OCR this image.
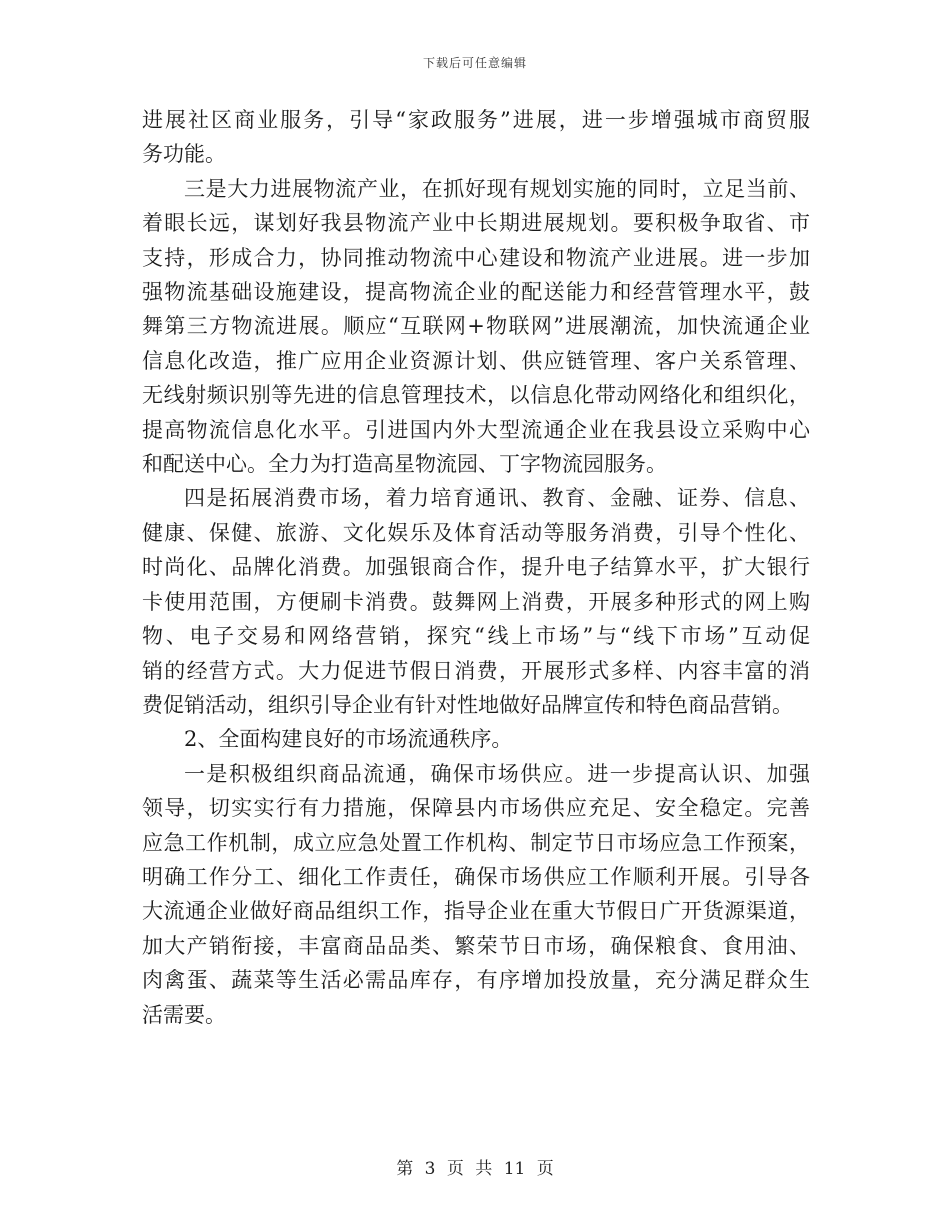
下载后可任意编辑

进展社区商业服务，引导“家政服务”进展，进一步增强城市商贸服
务功能。

三是大力进展物流产业，在抓好现有规划实施的同时，立足当前、
着眼长远，谋划好我县物流产业中长期进展规划。要积极争取省、市
支持，形成合力，协同推动物流中心建设和物流产业进展。进一步加
强物流基础设施建设，提高物流企业的配送能力和经营管理水平，鼓
舞第三方物流进展。顺应“互联网+物联网”进展潮流，加快流通企业
信息化改造，推广应用企业资源计划、供应链管理、客户关系管理、
无线射频识别等先进的信息管理技术，以信息化带动网络化和组织化，
提高物流信息化水平。引进国内外大型流通企业在我县设立采购中心
和配送中心。全力为打造高星物流园、丁字物流园服务。

四是拓展消费市场，着力培育通讯、教育、金融、证券、信息、
健康、保健、旅游、文化娱乐及体育活动等服务消费，引导个性化、
时尚化、品牌化消费。加强银商合作，提升电子结算水平，扩大银行
卡使用范围，方便刷卡消费。鼓舞网上消费，开展多种形式的网上购
物、电子交易和网络营销，探究“线上市场”与“线下市场”互动促
销的经营方式。大力促进节假日消费，开展形式多样、内容丰富的消
费促销活动，组织引导企业有针对性地做好品牌宣传和特色商品营销。

2、全面构建良好的市场流通秩序。

一是积极组织商品流通，确保市场供应。进一步提高认识、加强
领导，切实实行有力措施，保障县内市场供应充足、安全稳定。完善
应急工作机制，成立应急处置工作机构、制定节日市场应急工作预案，
明确工作分工、细化工作责任，确保市场供应工作顺利开展。引导各
大流通企业做好商品组织工作，指导企业在重大节假日广开货源渠道，
加大产销衔接，丰富商品品类、繁荣节日市场，确保粮食、食用油、
肉禽蛋、蔬菜等生活必需品库存，有序增加投放量，充分满足群众生
活需要。

第 3 页 共 11 页
